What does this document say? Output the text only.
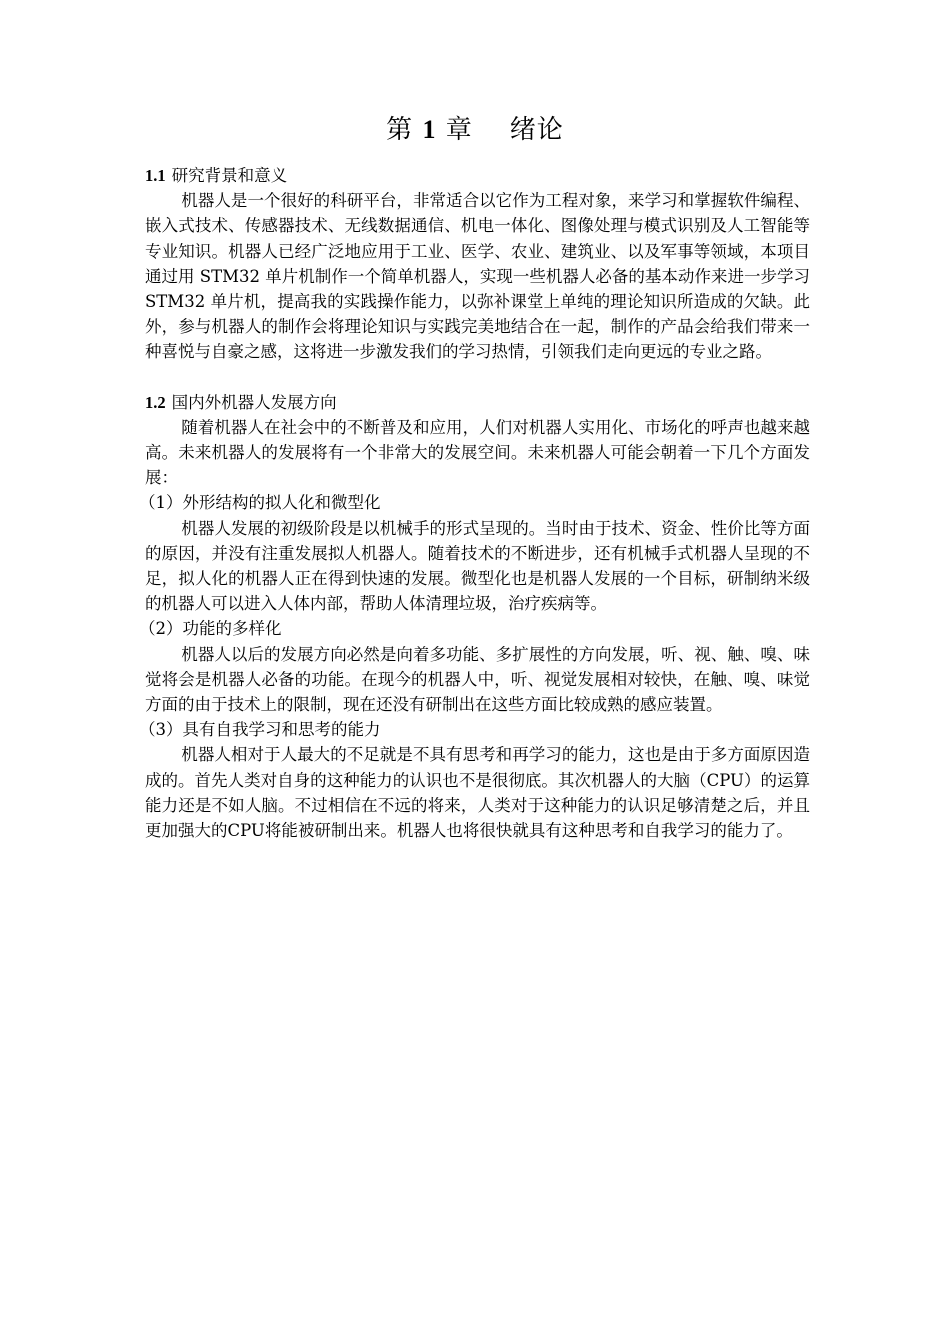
第 1 章 绪论

1.1 研究背景和意义

机器人是一个很好的科研平台，非常适合以它作为工程对象，来学习和掌握软件编程、嵌入式技术、传感器技术、无线数据通信、机电一体化、图像处理与模式识别及人工智能等专业知识。机器人已经广泛地应用于工业、医学、农业、建筑业、以及军事等领域，本项目通过用 STM32 单片机制作一个简单机器人，实现一些机器人必备的基本动作来进一步学习 STM32 单片机，提高我的实践操作能力，以弥补课堂上单纯的理论知识所造成的欠缺。此外，参与机器人的制作会将理论知识与实践完美地结合在一起，制作的产品会给我们带来一种喜悦与自豪之感，这将进一步激发我们的学习热情，引领我们走向更远的专业之路。

1.2 国内外机器人发展方向

随着机器人在社会中的不断普及和应用，人们对机器人实用化、市场化的呼声也越来越高。未来机器人的发展将有一个非常大的发展空间。未来机器人可能会朝着一下几个方面发展：

（1）外形结构的拟人化和微型化

机器人发展的初级阶段是以机械手的形式呈现的。当时由于技术、资金、性价比等方面的原因，并没有注重发展拟人机器人。随着技术的不断进步，还有机械手式机器人呈现的不足，拟人化的机器人正在得到快速的发展。微型化也是机器人发展的一个目标，研制纳米级的机器人可以进入人体内部，帮助人体清理垃圾，治疗疾病等。

（2）功能的多样化

机器人以后的发展方向必然是向着多功能、多扩展性的方向发展，听、视、触、嗅、味觉将会是机器人必备的功能。在现今的机器人中，听、视觉发展相对较快，在触、嗅、味觉方面的由于技术上的限制，现在还没有研制出在这些方面比较成熟的感应装置。

（3）具有自我学习和思考的能力

机器人相对于人最大的不足就是不具有思考和再学习的能力，这也是由于多方面原因造成的。首先人类对自身的这种能力的认识也不是很彻底。其次机器人的大脑（CPU）的运算能力还是不如人脑。不过相信在不远的将来，人类对于这种能力的认识足够清楚之后，并且更加强大的CPU将能被研制出来。机器人也将很快就具有这种思考和自我学习的能力了。
